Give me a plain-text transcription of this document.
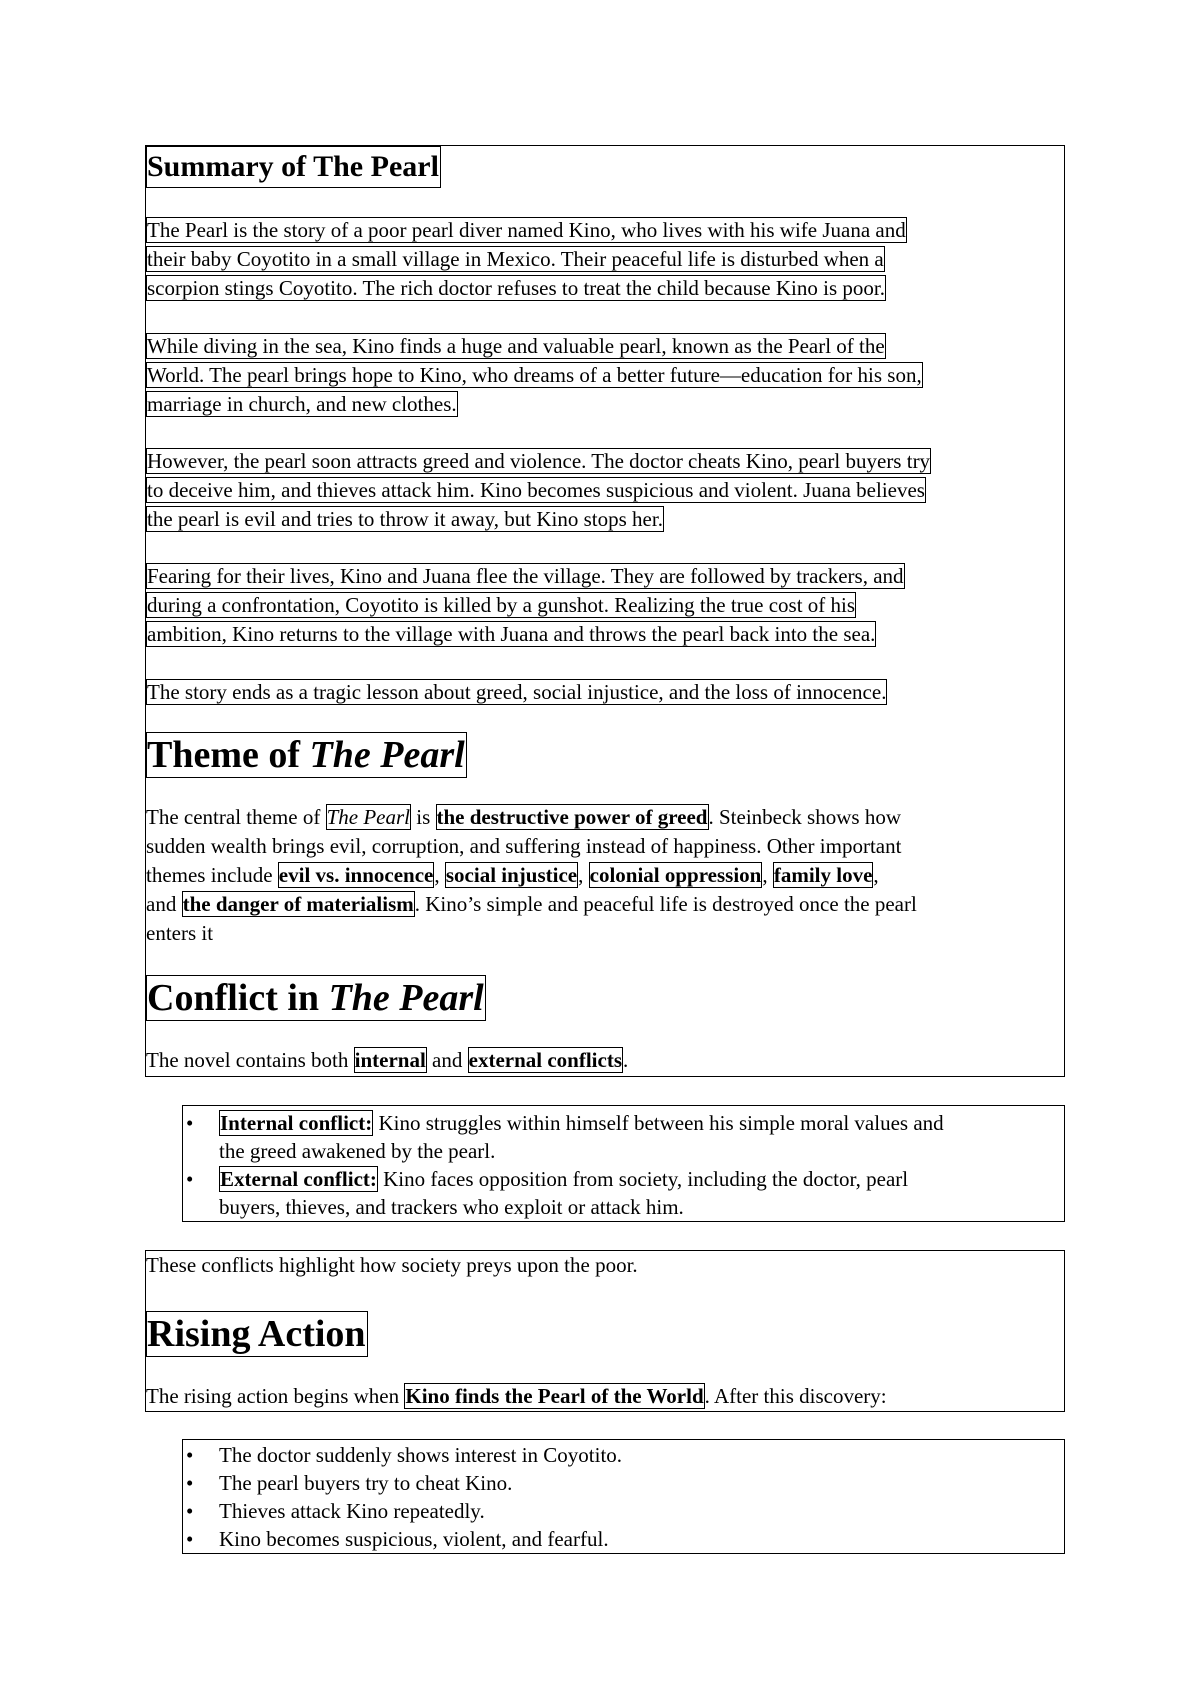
Summary of The Pearl
The Pearl is the story of a poor pearl diver named Kino, who lives with his wife Juana and
their baby Coyotito in a small village in Mexico. Their peaceful life is disturbed when a
scorpion stings Coyotito. The rich doctor refuses to treat the child because Kino is poor.
While diving in the sea, Kino finds a huge and valuable pearl, known as the Pearl of the
World. The pearl brings hope to Kino, who dreams of a better future—education for his son,
marriage in church, and new clothes.
However, the pearl soon attracts greed and violence. The doctor cheats Kino, pearl buyers try
to deceive him, and thieves attack him. Kino becomes suspicious and violent. Juana believes
the pearl is evil and tries to throw it away, but Kino stops her.
Fearing for their lives, Kino and Juana flee the village. They are followed by trackers, and
during a confrontation, Coyotito is killed by a gunshot. Realizing the true cost of his
ambition, Kino returns to the village with Juana and throws the pearl back into the sea.
The story ends as a tragic lesson about greed, social injustice, and the loss of innocence.
Theme of The Pearl
The central theme of The Pearl is the destructive power of greed. Steinbeck shows how
sudden wealth brings evil, corruption, and suffering instead of happiness. Other important
themes include evil vs. innocence, social injustice, colonial oppression, family love,
and the danger of materialism. Kino’s simple and peaceful life is destroyed once the pearl
enters it
Conflict in The Pearl
The novel contains both internal and external conflicts.
• Internal conflict: Kino struggles within himself between his simple moral values and
the greed awakened by the pearl.
• External conflict: Kino faces opposition from society, including the doctor, pearl
buyers, thieves, and trackers who exploit or attack him.
These conflicts highlight how society preys upon the poor.
Rising Action
The rising action begins when Kino finds the Pearl of the World. After this discovery:
• The doctor suddenly shows interest in Coyotito.
• The pearl buyers try to cheat Kino.
• Thieves attack Kino repeatedly.
• Kino becomes suspicious, violent, and fearful.
